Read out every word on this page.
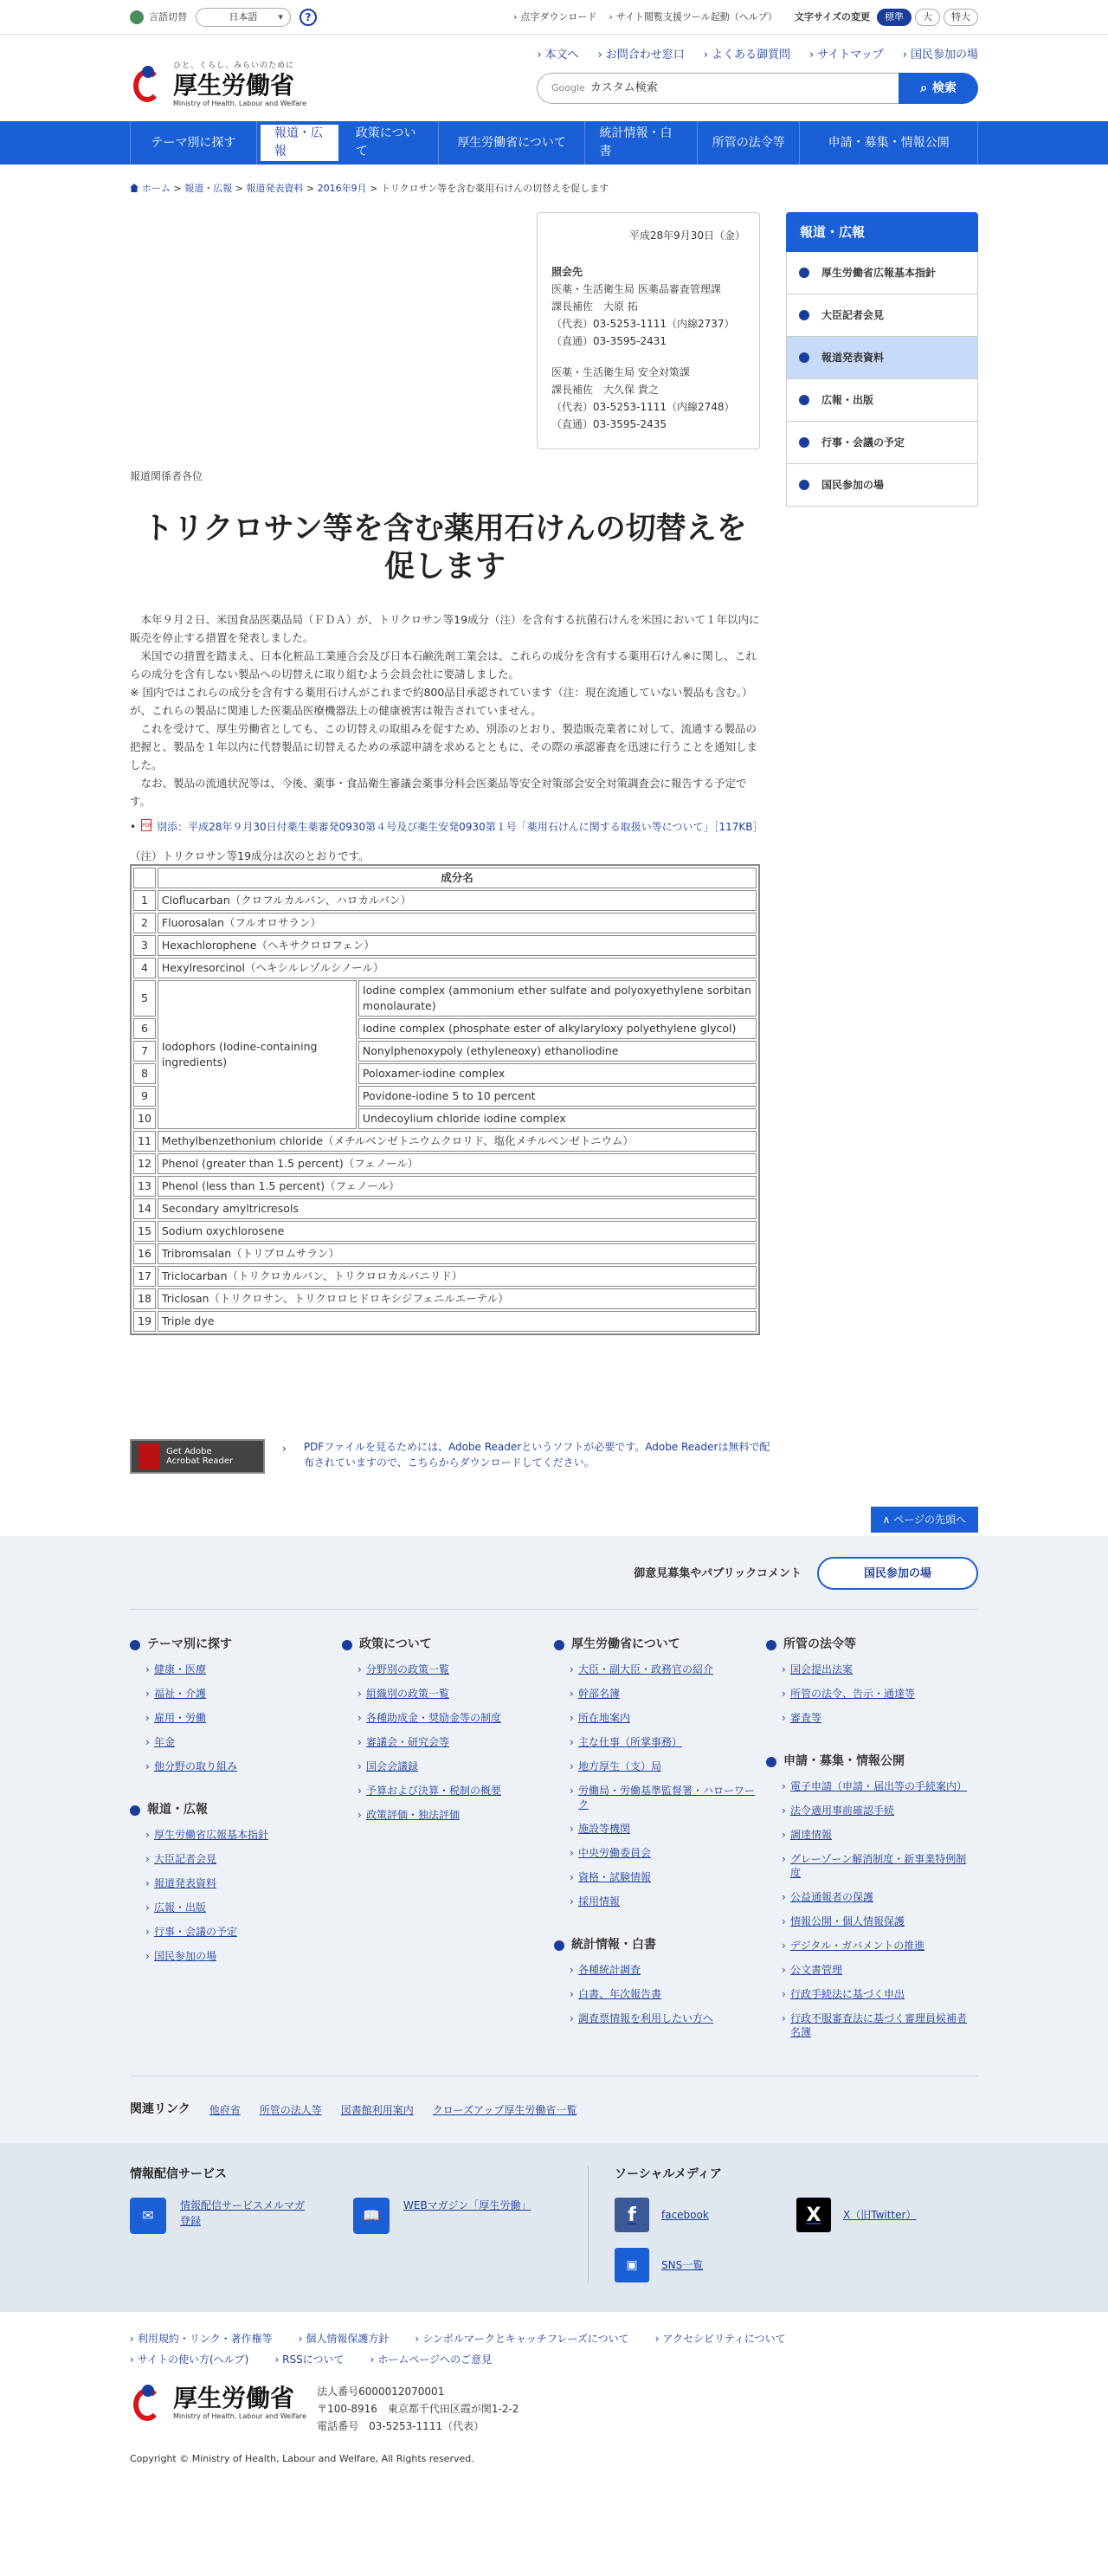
言語切替	日本語 ▾	?	› 点字ダウンロード	› サイト閲覧支援ツール起動（ヘルプ） 文字サイズの変更	標準	大	特大
ひと、くらし、みらいのために
厚生労働省
Ministry of Health, Labour and Welfare
› 本文へ	› お問合わせ窓口	› よくある御質問	› サイトマップ	› 国民参加の場
Google カスタム検索	⌕ 検索
テーマ別に探す
報道・広報
政策について
厚生労働省について
統計情報・白書
所管の法令等	申請・募集・情報公開
ホーム > 報道・広報 > 報道発表資料 > 2016年9月 > トリクロサン等を含む薬用石けんの切替えを促します
平成28年9月30日（金）
照会先
医薬・生活衛生局 医薬品審査管理課
課長補佐　大原 拓
（代表）03-5253-1111（内線2737）
（直通）03-3595-2431
医薬・生活衛生局 安全対策課
課長補佐　大久保 貴之
（代表）03-5253-1111（内線2748）
（直通）03-3595-2435
報道関係者各位
トリクロサン等を含む薬用石けんの切替えを促します

　本年９月２日、米国食品医薬品局（ＦＤＡ）が、トリクロサン等19成分（注）を含有する抗菌石けんを米国において１年以内に販売を停止する措置を発表しました。

　米国での措置を踏まえ、日本化粧品工業連合会及び日本石鹸洗剤工業会は、これらの成分を含有する薬用石けん※に関し、これらの成分を含有しない製品への切替えに取り組むよう会員会社に要請しました。

※ 国内ではこれらの成分を含有する薬用石けんがこれまで約800品目承認されています（注：現在流通していない製品も含む。）が、これらの製品に関連した医薬品医療機器法上の健康被害は報告されていません。

　これを受けて、厚生労働省としても、この切替えの取組みを促すため、別添のとおり、製造販売業者に対して、流通する製品の把握と、製品を１年以内に代替製品に切替えるための承認申請を求めるとともに、その際の承認審査を迅速に行うことを通知しました。

　なお、製品の流通状況等は、今後、薬事・食品衛生審議会薬事分科会医薬品等安全対策部会安全対策調査会に報告する予定です。

• PDF 別添：平成28年９月30日付薬生薬審発0930第４号及び薬生安発0930第１号「薬用石けんに関する取扱い等について」［117KB］
（注）トリクロサン等19成分は次のとおりです。
	成分名	
1	Cloflucarban（クロフルカルバン、ハロカルバン）	
2	Fluorosalan（フルオロサラン）	
3	Hexachlorophene（ヘキサクロロフェン）	
4	Hexylresorcinol（ヘキシルレゾルシノール）	
5	Iodophors (Iodine-containing ingredients)	Iodine complex (ammonium ether sulfate and polyoxyethylene sorbitan monolaurate)
6		Iodine complex (phosphate ester of alkylaryloxy polyethylene glycol)
7		Nonylphenoxypoly (ethyleneoxy) ethanoliodine
8		Poloxamer-iodine complex
9		Povidone-iodine 5 to 10 percent
10		Undecoylium chloride iodine complex
11	Methylbenzethonium chloride（メチルベンゼトニウムクロリド、塩化メチルベンゼトニウム）	
12	Phenol (greater than 1.5 percent)（フェノール）	
13	Phenol (less than 1.5 percent)（フェノール）	
14	Secondary amyltricresols	
15	Sodium oxychlorosene	
16	Tribromsalan（トリブロムサラン）	
17	Triclocarban（トリクロカルバン、トリクロロカルバニリド）	
18	Triclosan（トリクロサン、トリクロロヒドロキシジフェニルエーテル）	
19	Triple dye	
報道・広報
厚生労働省広報基本指針
大臣記者会見
報道発表資料
広報・出版
行事・会議の予定
国民参加の場
Get Adobe
Acrobat Reader
› PDFファイルを見るためには、Adobe Readerというソフトが必要です。Adobe Readerは無料で配布されていますので、こちらからダウンロードしてください。
∧ ページの先頭へ
御意見募集やパブリックコメント	国民参加の場
テーマ別に探す
› 健康・医療
› 福祉・介護
› 雇用・労働
› 年金
› 他分野の取り組み
報道・広報
› 厚生労働省広報基本指針
› 大臣記者会見
› 報道発表資料
› 広報・出版
› 行事・会議の予定
› 国民参加の場
政策について
› 分野別の政策一覧
› 組織別の政策一覧
› 各種助成金・奨励金等の制度
› 審議会・研究会等
› 国会会議録
› 予算および決算・税制の概要
› 政策評価・独法評価
厚生労働省について
› 大臣・副大臣・政務官の紹介
› 幹部名簿
› 所在地案内
› 主な仕事（所掌事務）
› 地方厚生（支）局
› 労働局・労働基準監督署・ハローワーク
› 施設等機関
› 中央労働委員会
› 資格・試験情報
› 採用情報
統計情報・白書
› 各種統計調査
› 白書、年次報告書
› 調査票情報を利用したい方へ
所管の法令等
› 国会提出法案
› 所管の法令、告示・通達等
› 審査等
申請・募集・情報公開
› 電子申請（申請・届出等の手続案内）
› 法令適用事前確認手続
› 調達情報
› グレーゾーン解消制度・新事業特例制度
› 公益通報者の保護
› 情報公開・個人情報保護
› デジタル・ガバメントの推進
› 公文書管理
› 行政手続法に基づく申出
› 行政不服審査法に基づく審理員候補者名簿
関連リンク 他府省 所管の法人等 図書館利用案内 クローズアップ厚生労働省一覧
情報配信サービス
✉
情報配信サービスメルマガ登録	📖
WEBマガジン「厚生労働」
ソーシャルメディア
f	facebook	X	X（旧Twitter）
▣	SNS一覧
› 利用規約・リンク・著作権等	› 個人情報保護方針	› シンボルマークとキャッチフレーズについて	› アクセシビリティについて
› サイトの使い方(ヘルプ)	› RSSについて	› ホームページへのご意見
厚生労働省
Ministry of Health, Labour and Welfare
法人番号6000012070001
〒100-8916　東京都千代田区霞が関1-2-2
電話番号　03-5253-1111（代表）
Copyright © Ministry of Health, Labour and Welfare, All Rights reserved.
